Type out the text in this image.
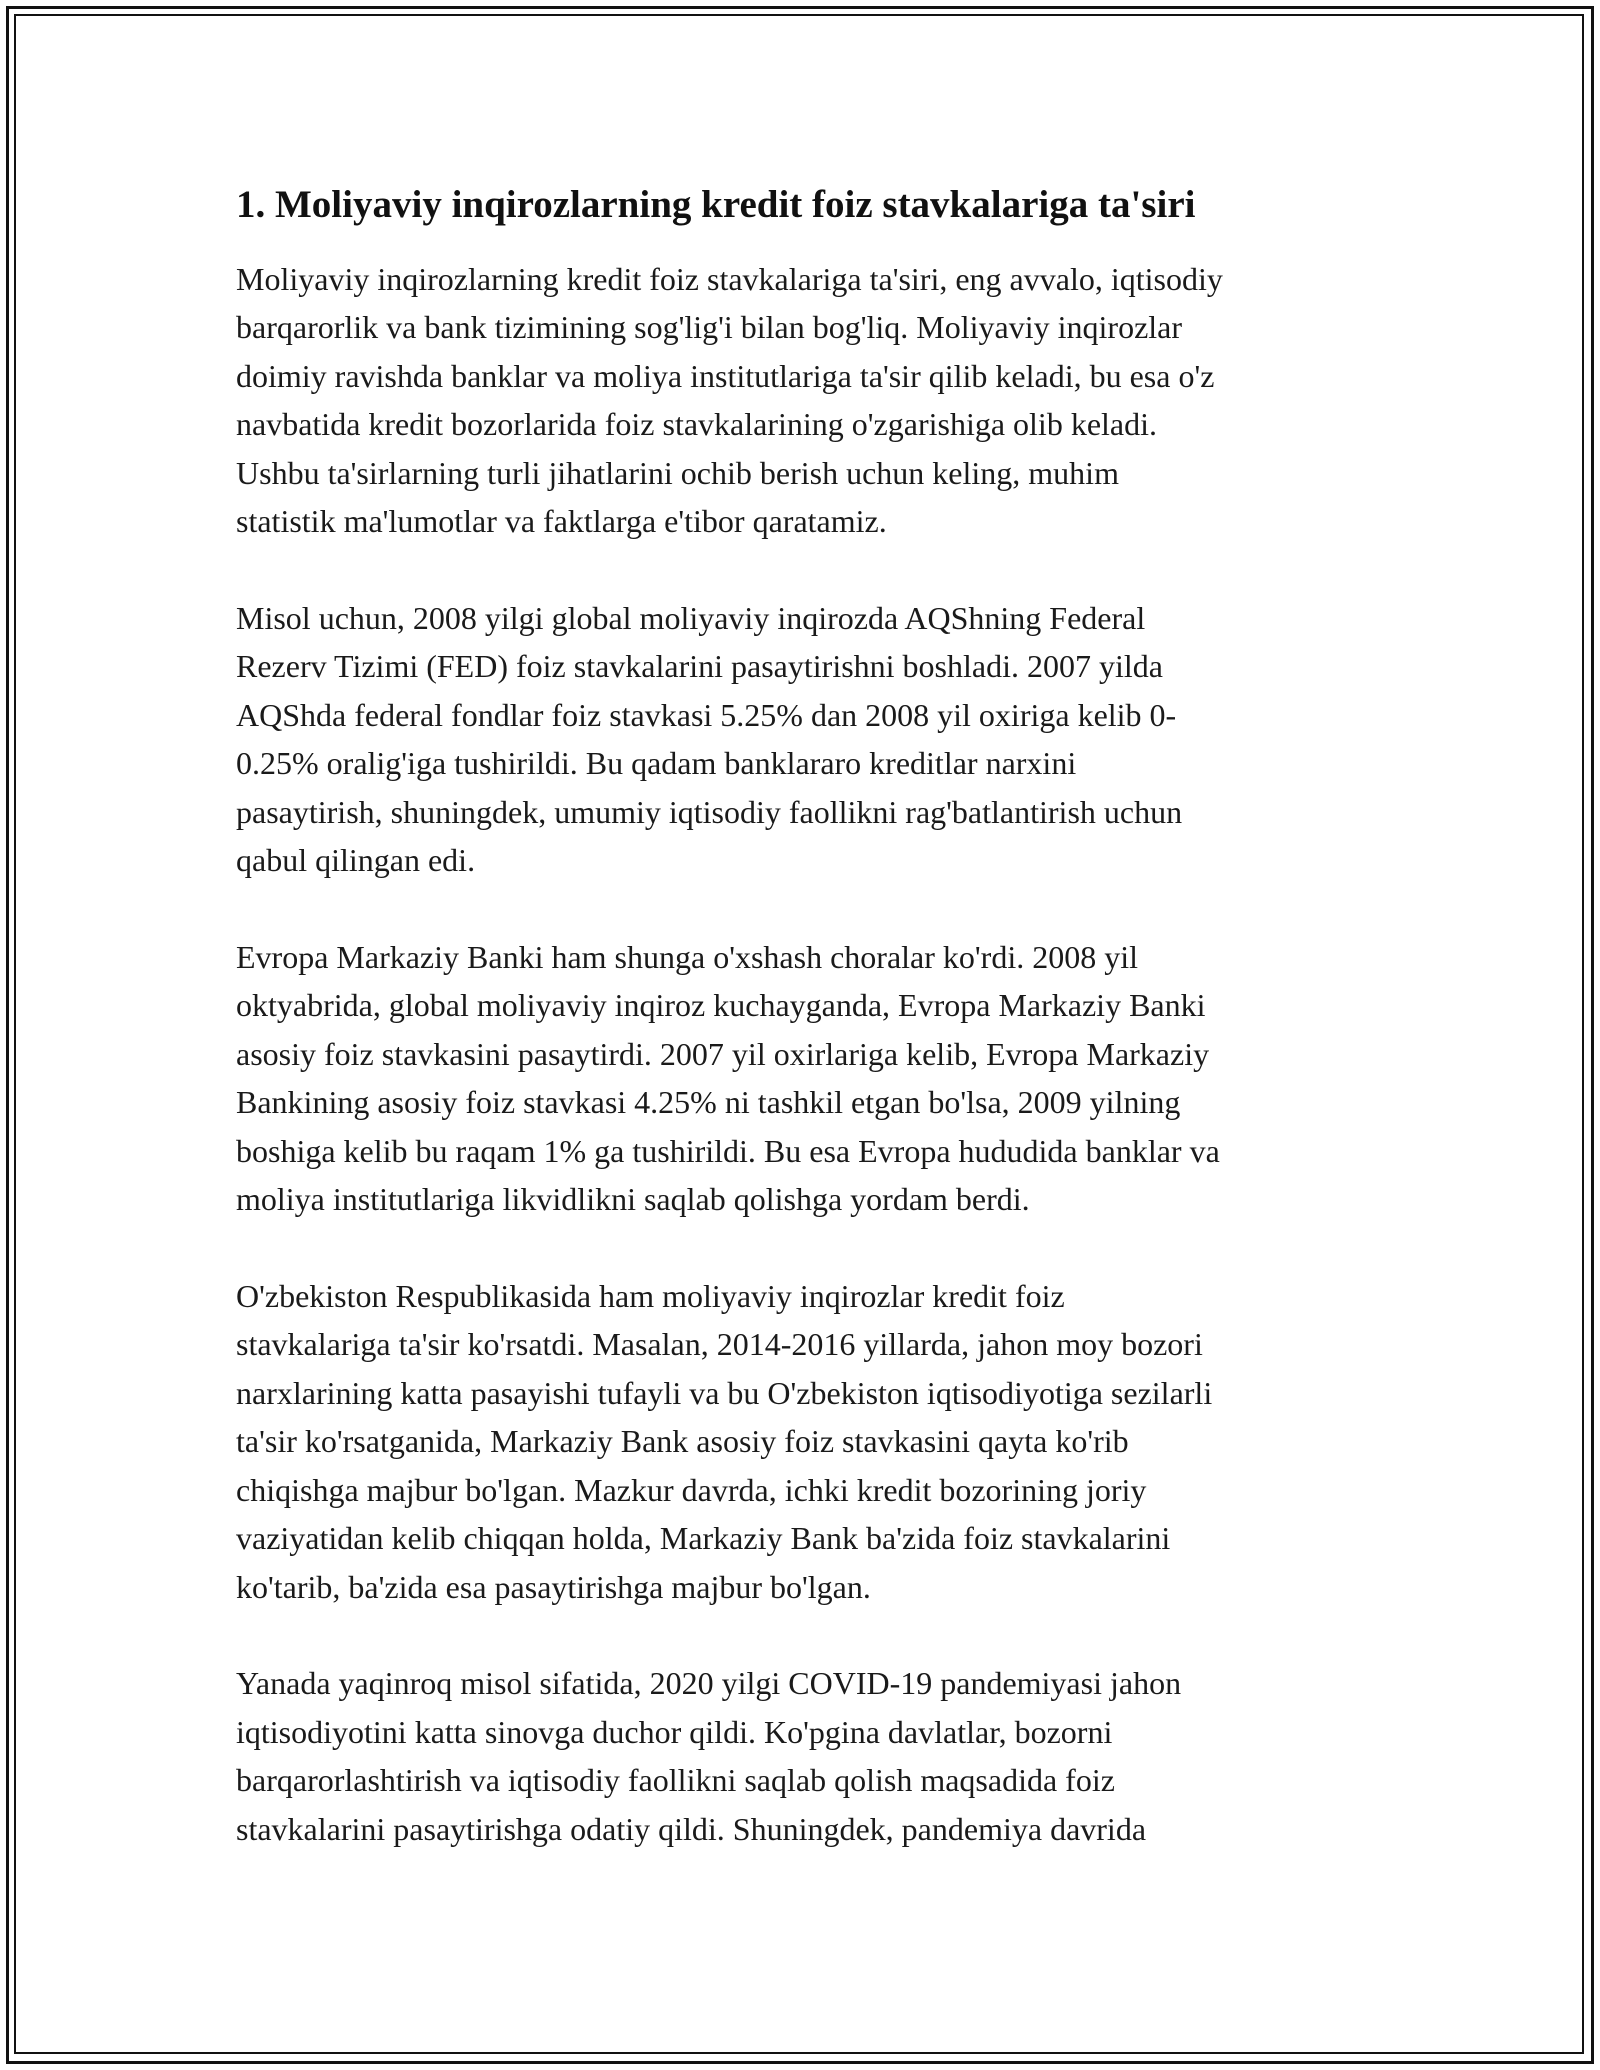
1. Moliyaviy inqirozlarning kredit foiz stavkalariga ta'siri
Moliyaviy inqirozlarning kredit foiz stavkalariga ta'siri, eng avvalo, iqtisodiy
barqarorlik va bank tizimining sog'lig'i bilan bog'liq. Moliyaviy inqirozlar
doimiy ravishda banklar va moliya institutlariga ta'sir qilib keladi, bu esa o'z
navbatida kredit bozorlarida foiz stavkalarining o'zgarishiga olib keladi.
Ushbu ta'sirlarning turli jihatlarini ochib berish uchun keling, muhim
statistik ma'lumotlar va faktlarga e'tibor qaratamiz.
Misol uchun, 2008 yilgi global moliyaviy inqirozda AQShning Federal
Rezerv Tizimi (FED) foiz stavkalarini pasaytirishni boshladi. 2007 yilda
AQShda federal fondlar foiz stavkasi 5.25% dan 2008 yil oxiriga kelib 0-
0.25% oralig'iga tushirildi. Bu qadam banklararo kreditlar narxini
pasaytirish, shuningdek, umumiy iqtisodiy faollikni rag'batlantirish uchun
qabul qilingan edi.
Evropa Markaziy Banki ham shunga o'xshash choralar ko'rdi. 2008 yil
oktyabrida, global moliyaviy inqiroz kuchayganda, Evropa Markaziy Banki
asosiy foiz stavkasini pasaytirdi. 2007 yil oxirlariga kelib, Evropa Markaziy
Bankining asosiy foiz stavkasi 4.25% ni tashkil etgan bo'lsa, 2009 yilning
boshiga kelib bu raqam 1% ga tushirildi. Bu esa Evropa hududida banklar va
moliya institutlariga likvidlikni saqlab qolishga yordam berdi.
O'zbekiston Respublikasida ham moliyaviy inqirozlar kredit foiz
stavkalariga ta'sir ko'rsatdi. Masalan, 2014-2016 yillarda, jahon moy bozori
narxlarining katta pasayishi tufayli va bu O'zbekiston iqtisodiyotiga sezilarli
ta'sir ko'rsatganida, Markaziy Bank asosiy foiz stavkasini qayta ko'rib
chiqishga majbur bo'lgan. Mazkur davrda, ichki kredit bozorining joriy
vaziyatidan kelib chiqqan holda, Markaziy Bank ba'zida foiz stavkalarini
ko'tarib, ba'zida esa pasaytirishga majbur bo'lgan.
Yanada yaqinroq misol sifatida, 2020 yilgi COVID-19 pandemiyasi jahon
iqtisodiyotini katta sinovga duchor qildi. Ko'pgina davlatlar, bozorni
barqarorlashtirish va iqtisodiy faollikni saqlab qolish maqsadida foiz
stavkalarini pasaytirishga odatiy qildi. Shuningdek, pandemiya davrida
